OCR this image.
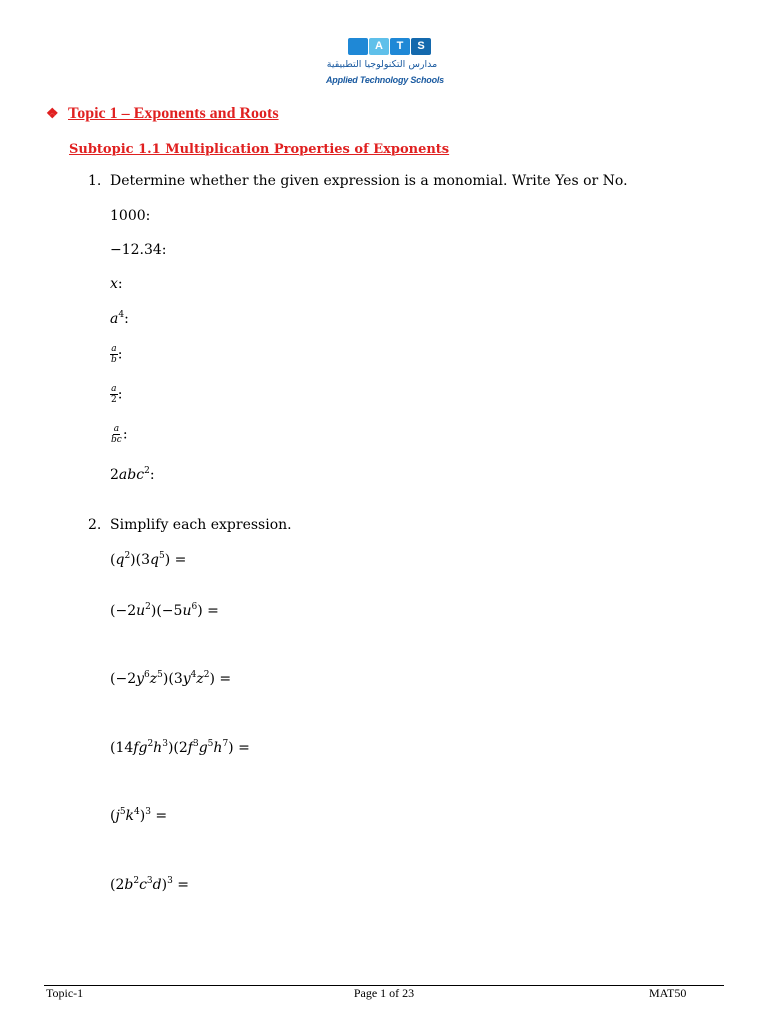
A	T	S
مدارس التكنولوجيا التطبيقية
Applied Technology Schools
❖ Topic 1 – Exponents and Roots
Subtopic 1.1 Multiplication Properties of Exponents
1. Determine whether the given expression is a monomial. Write Yes or No.
1000:
−12.34:
x:
$a^4$:
$\frac{a}{b}$ :
$\frac{a}{2}$ :
$\frac{a}{bc}$ :
2abc$^2$:
2. Simplify each expression.
$(q^2)(3q^5)$ =
$(-2u^2)(-5u^6)$ =
$(-2y^6z^5)(3y^4z^2)$ =
$(14fg^2h^3)(2f^3g^5h^7)$ =
$(j^5k^4)^3$ =
$(2b^2c^3d)^3$ =
Topic-1	Page 1 of 23	MAT50
